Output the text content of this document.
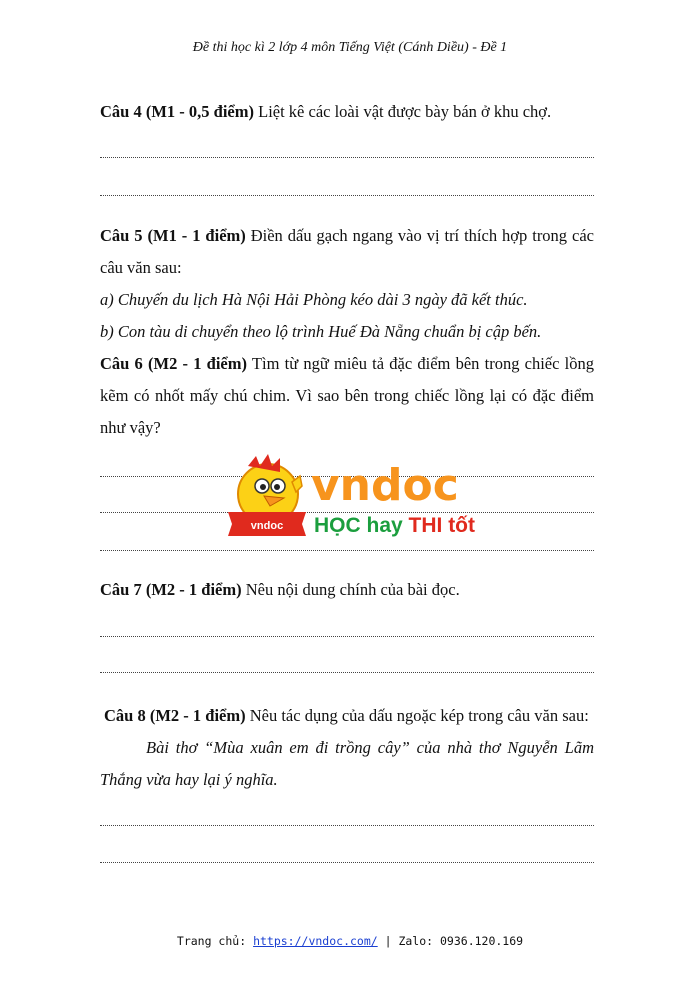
Đề thi học kì 2 lớp 4 môn Tiếng Việt (Cánh Diều) - Đề 1

Câu 4 (M1 - 0,5 điểm) Liệt kê các loài vật được bày bán ở khu chợ.

Câu 5 (M1 - 1 điểm) Điền dấu gạch ngang vào vị trí thích hợp trong các câu văn sau:

a) Chuyến du lịch Hà Nội Hải Phòng kéo dài 3 ngày đã kết thúc.

b) Con tàu di chuyển theo lộ trình Huế Đà Nẵng chuẩn bị cập bến.

Câu 6 (M2 - 1 điểm) Tìm từ ngữ miêu tả đặc điểm bên trong chiếc lồng kẽm có nhốt mấy chú chim. Vì sao bên trong chiếc lồng lại có đặc điểm như vậy?

vndoc
vndoc
HỌC hay THI tốt

Câu 7 (M2 - 1 điểm) Nêu nội dung chính của bài đọc.

Câu 8 (M2 - 1 điểm) Nêu tác dụng của dấu ngoặc kép trong câu văn sau:

Bài thơ “Mùa xuân em đi trồng cây” của nhà thơ Nguyễn Lãm Thắng vừa hay lại ý nghĩa.

Trang chủ: https://vndoc.com/ | Zalo: 0936.120.169
